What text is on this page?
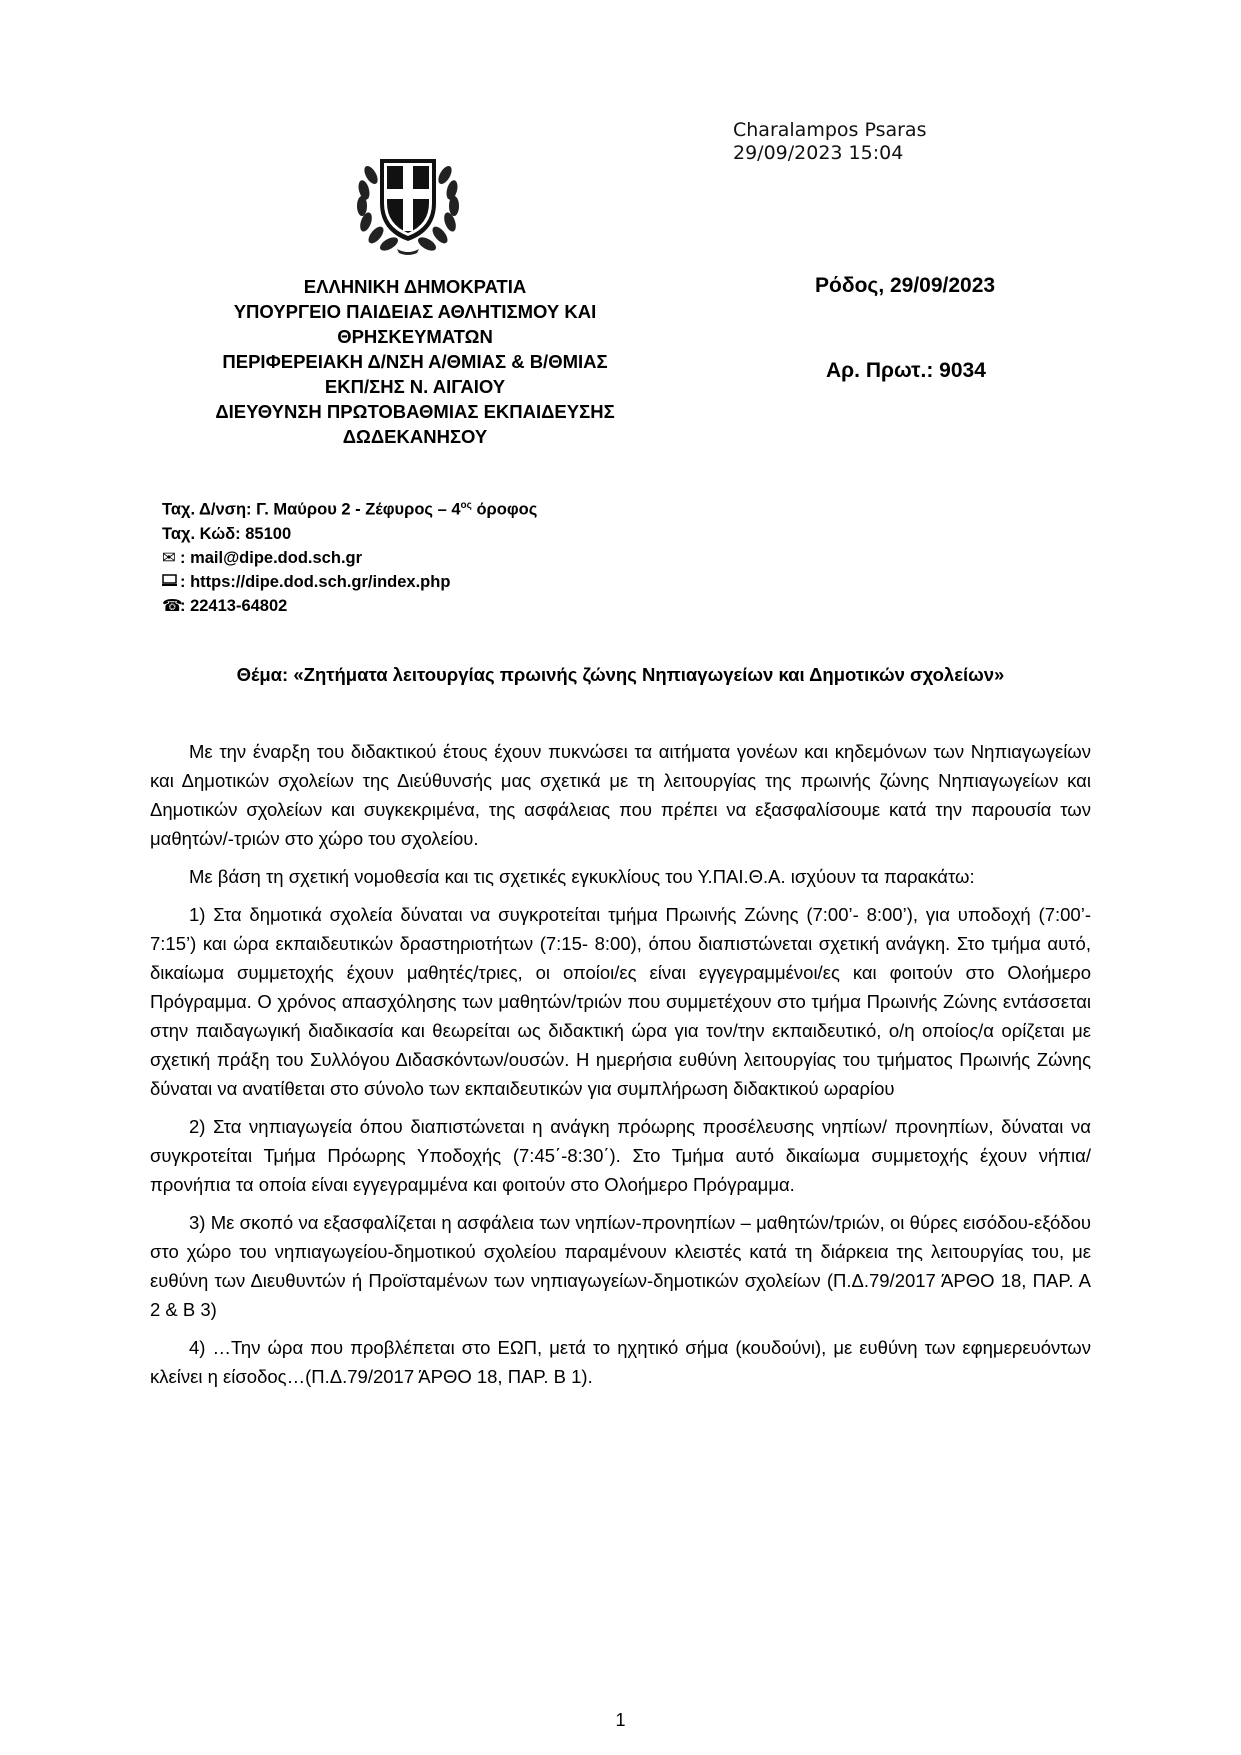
Charalampos Psaras
29/09/2023 15:04
ΕΛΛΗΝΙΚΗ ΔΗΜΟΚΡΑΤΙΑ
ΥΠΟΥΡΓΕΙΟ ΠΑΙΔΕΙΑΣ ΑΘΛΗΤΙΣΜΟΥ ΚΑΙ
ΘΡΗΣΚΕΥΜΑΤΩΝ
ΠΕΡΙΦΕΡΕΙΑΚΗ Δ/ΝΣΗ Α/ΘΜΙΑΣ & Β/ΘΜΙΑΣ
ΕΚΠ/ΣΗΣ Ν. ΑΙΓΑΙΟΥ
ΔΙΕΥΘΥΝΣΗ ΠΡΩΤΟΒΑΘΜΙΑΣ ΕΚΠΑΙΔΕΥΣΗΣ
ΔΩΔΕΚΑΝΗΣΟΥ
Ρόδος, 29/09/2023
Αρ. Πρωτ.: 9034
Ταχ. Δ/νση: Γ. Μαύρου 2 - Ζέφυρος – $4^{o\varsigma}$ όροφος
Ταχ. Κώδ: 85100
✉ : mail@dipe.dod.sch.gr
: https://dipe.dod.sch.gr/index.php
☎: 22413-64802
Θέμα: «Ζητήματα λειτουργίας πρωινής ζώνης Νηπιαγωγείων και Δημοτικών σχολείων»

Με την έναρξη του διδακτικού έτους έχουν πυκνώσει τα αιτήματα γονέων και κηδεμόνων των Νηπιαγωγείων και Δημοτικών σχολείων της Διεύθυνσής μας σχετικά με τη λειτουργίας της πρωινής ζώνης Νηπιαγωγείων και Δημοτικών σχολείων και συγκεκριμένα, της ασφάλειας που πρέπει να εξασφαλίσουμε κατά την παρουσία των μαθητών/-τριών στο χώρο του σχολείου.

Με βάση τη σχετική νομοθεσία και τις σχετικές εγκυκλίους του Υ.ΠΑΙ.Θ.Α. ισχύουν τα παρακάτω:

1) Στα δημοτικά σχολεία δύναται να συγκροτείται τμήμα Πρωινής Ζώνης (7:00’- 8:00’), για υποδοχή (7:00’- 7:15’) και ώρα εκπαιδευτικών δραστηριοτήτων (7:15- 8:00), όπου διαπιστώνεται σχετική ανάγκη. Στο τμήμα αυτό, δικαίωμα συμμετοχής έχουν μαθητές/τριες, οι οποίοι/ες είναι εγγεγραμμένοι/ες και φοιτούν στο Ολοήμερο Πρόγραμμα. Ο χρόνος απασχόλησης των μαθητών/τριών που συμμετέχουν στο τμήμα Πρωινής Ζώνης εντάσσεται στην παιδαγωγική διαδικασία και θεωρείται ως διδακτική ώρα για τον/την εκπαιδευτικό, ο/η οποίος/α ορίζεται με σχετική πράξη του Συλλόγου Διδασκόντων/ουσών. Η ημερήσια ευθύνη λειτουργίας του τμήματος Πρωινής Ζώνης δύναται να ανατίθεται στο σύνολο των εκπαιδευτικών για συμπλήρωση διδακτικού ωραρίου

2) Στα νηπιαγωγεία όπου διαπιστώνεται η ανάγκη πρόωρης προσέλευσης νηπίων/ προνηπίων, δύναται να συγκροτείται Τμήμα Πρόωρης Υποδοχής (7:45΄-8:30΄). Στο Τμήμα αυτό δικαίωμα συμμετοχής έχουν νήπια/προνήπια τα οποία είναι εγγεγραμμένα και φοιτούν στο Ολοήμερο Πρόγραμμα.

3) Με σκοπό να εξασφαλίζεται η ασφάλεια των νηπίων-προνηπίων – μαθητών/τριών, οι θύρες εισόδου-εξόδου στο χώρο του νηπιαγωγείου-δημοτικού σχολείου παραμένουν κλειστές κατά τη διάρκεια της λειτουργίας του, με ευθύνη των Διευθυντών ή Προϊσταμένων των νηπιαγωγείων-δημοτικών σχολείων (Π.Δ.79/2017 ΆΡΘΟ 18, ΠΑΡ. Α 2 & Β 3)

4) …Την ώρα που προβλέπεται στο ΕΩΠ, μετά το ηχητικό σήμα (κουδούνι), με ευθύνη των εφημερευόντων κλείνει η είσοδος…(Π.Δ.79/2017 ΆΡΘΟ 18, ΠΑΡ. Β 1).

1
